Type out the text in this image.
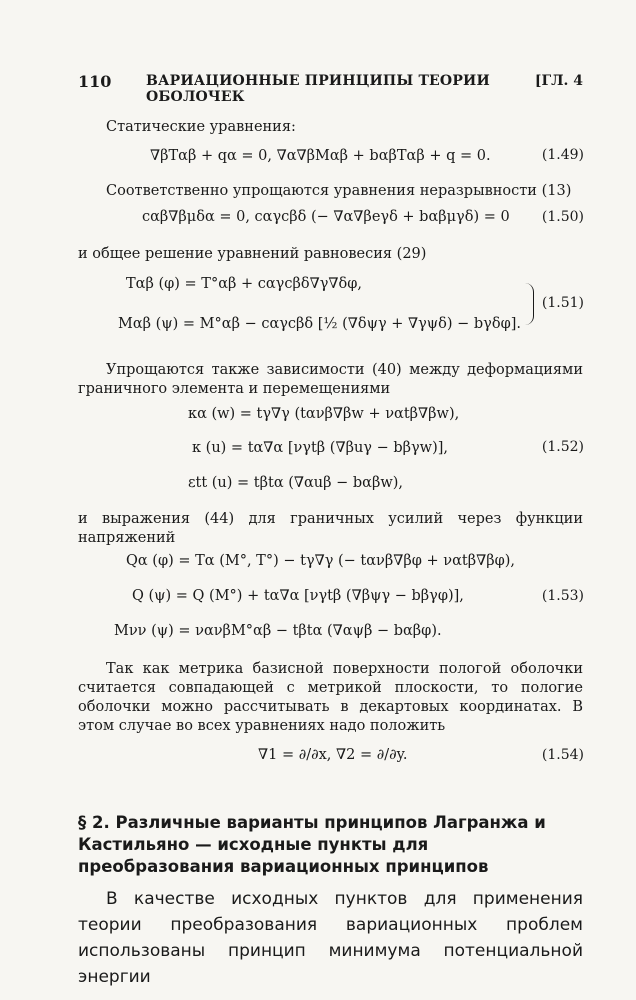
110 ВАРИАЦИОННЫЕ ПРИНЦИПЫ ТЕОРИИ ОБОЛОЧЕК
[ГЛ. 4
Статические уравнения:
∇βTαβ + qα = 0, ∇α∇βMαβ + bαβTαβ + q = 0.	(1.49)
Соответственно упрощаются уравнения неразрывности (13)
cαβ∇βμδα = 0, cαγcβδ (− ∇α∇βeγδ + bαβμγδ) = 0 (1.50)
и общее решение уравнений равновесия (29)
Tαβ (φ) = T°αβ + cαγcβδ∇γ∇δφ,
Mαβ (ψ) = M°αβ − cαγcβδ [½ (∇δψγ + ∇γψδ) − bγδφ].
(1.51)
Упрощаются также зависимости (40) между деформациями граничного элемента и перемещениями
κα (w) = tγ∇γ (tανβ∇βw + ναtβ∇βw),
κ (u) = tα∇α [νγtβ (∇βuγ − bβγw)],	(1.52)
εtt (u) = tβtα (∇αuβ − bαβw),
и выражения (44) для граничных усилий через функции напряжений
Qα (φ) = Tα (M°, T°) − tγ∇γ (− tανβ∇βφ + ναtβ∇βφ),
Q (ψ) = Q (M°) + tα∇α [νγtβ (∇βψγ − bβγφ)],	(1.53)
Mνν (ψ) = νανβM°αβ − tβtα (∇αψβ − bαβφ).
Так как метрика базисной поверхности пологой оболочки считается совпадающей с метрикой плоскости, то пологие оболочки можно рассчитывать в декартовых координатах. В этом случае во всех уравнениях надо положить
∇1 = ∂/∂x, ∇2 = ∂/∂y.	(1.54)
§ 2. Различные варианты принципов Лагранжа и Кастильяно — исходные пункты для преобразования вариационных принципов
В качестве исходных пунктов для применения теории преобразования вариационных проблем использованы принцип минимума потенциальной энергии
